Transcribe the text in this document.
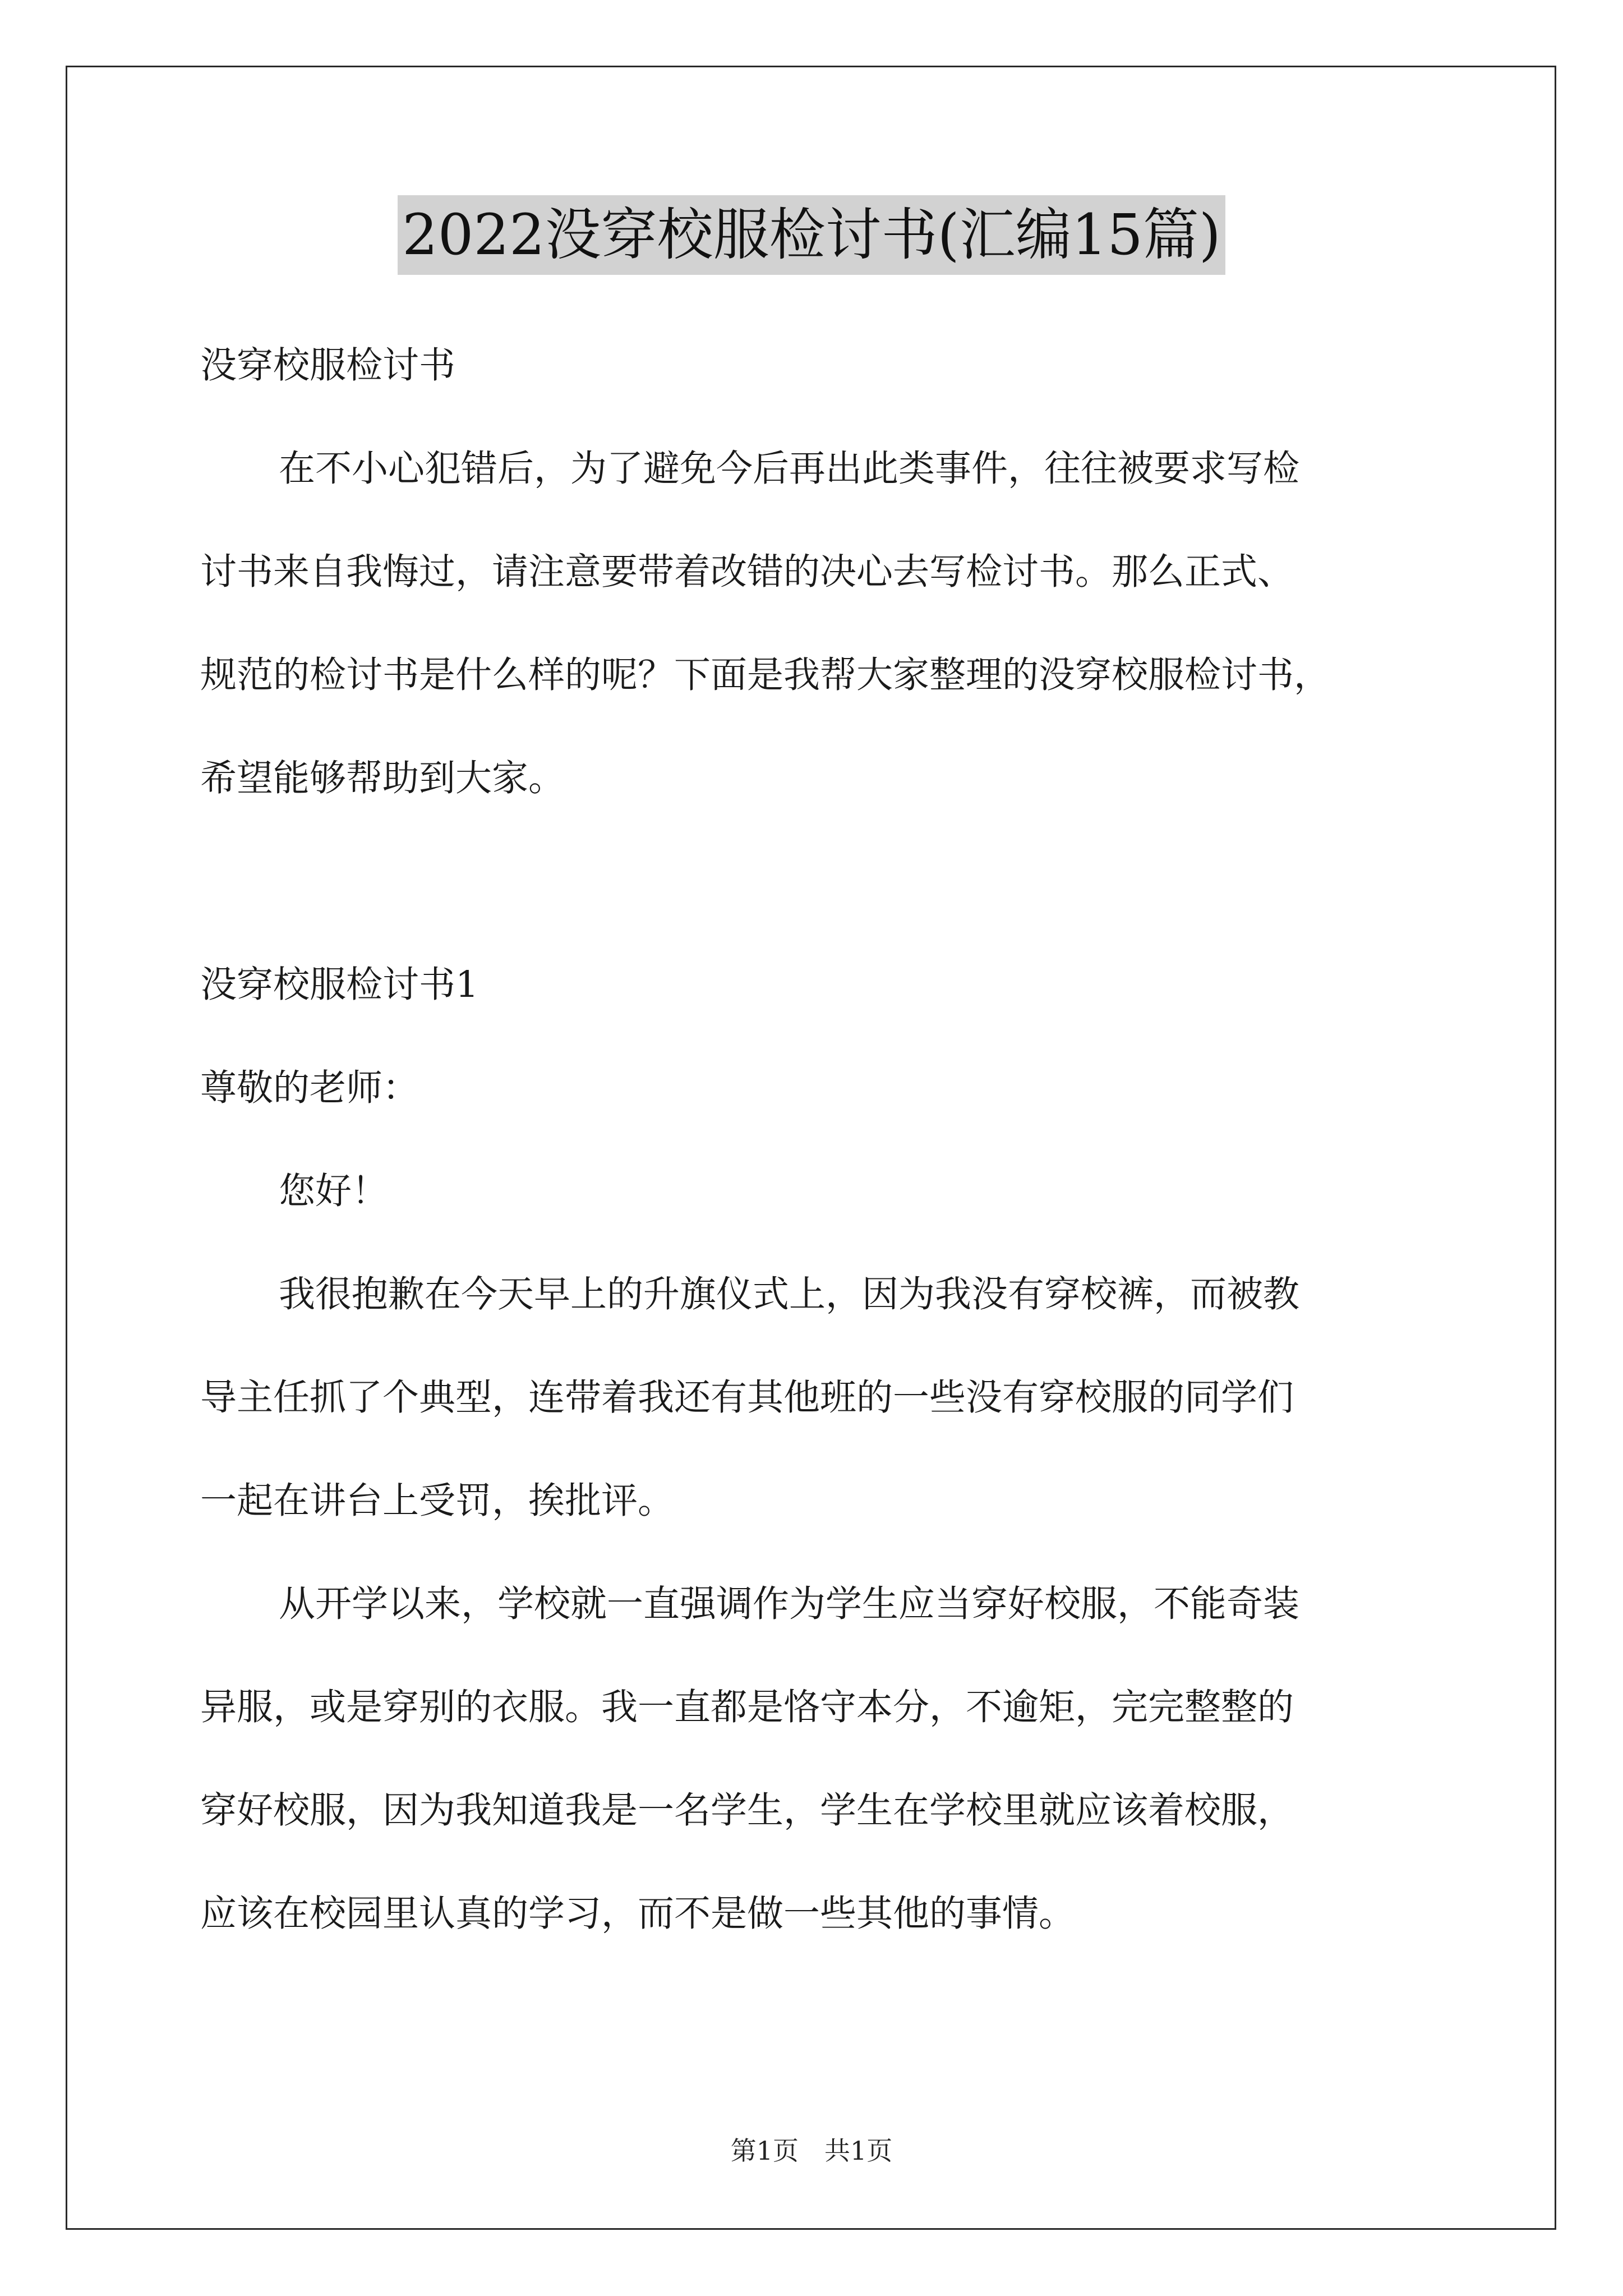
2022没穿校服检讨书(汇编15篇)

没穿校服检讨书

在不小心犯错后，为了避免今后再出此类事件，往往被要求写检

讨书来自我悔过，请注意要带着改错的决心去写检讨书。那么正式、

规范的检讨书是什么样的呢？下面是我帮大家整理的没穿校服检讨书，

希望能够帮助到大家。

没穿校服检讨书1

尊敬的老师：

您好！

我很抱歉在今天早上的升旗仪式上，因为我没有穿校裤，而被教

导主任抓了个典型，连带着我还有其他班的一些没有穿校服的同学们

一起在讲台上受罚，挨批评。

从开学以来，学校就一直强调作为学生应当穿好校服，不能奇装

异服，或是穿别的衣服。我一直都是恪守本分，不逾矩，完完整整的

穿好校服，因为我知道我是一名学生，学生在学校里就应该着校服，

应该在校园里认真的学习，而不是做一些其他的事情。

第1页　共1页
